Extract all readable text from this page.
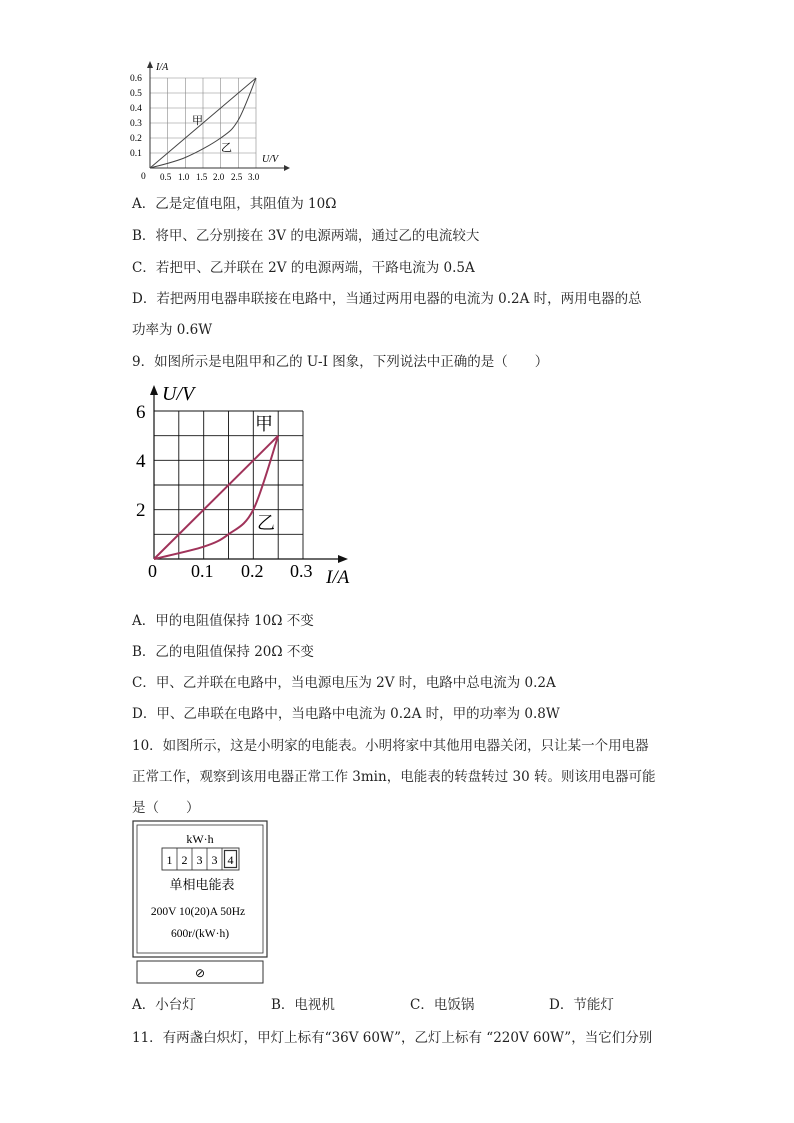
I/A
U/V
0.6
0.5
0.4
0.3
0.2
0.1
0 0.5 1.0 1.5 2.0 2.5 3.0
甲
乙
A．乙是定值电阻，其阻值为 10Ω
B．将甲、乙分别接在 3V 的电源两端，通过乙的电流较大
C．若把甲、乙并联在 2V 的电源两端，干路电流为 0.5A
D．若把两用电器串联接在电路中，当通过两用电器的电流为 0.2A 时，两用电器的总
功率为 0.6W
9．如图所示是电阻甲和乙的 U-I 图象，下列说法中正确的是（　　）
U/V
I/A
6
4
2
0 0.1 0.2 0.3
甲
乙
A．甲的电阻值保持 10Ω 不变
B．乙的电阻值保持 20Ω 不变
C．甲、乙并联在电路中，当电源电压为 2V 时，电路中总电流为 0.2A
D．甲、乙串联在电路中，当电路中电流为 0.2A 时，甲的功率为 0.8W
10．如图所示，这是小明家的电能表。小明将家中其他用电器关闭，只让某一个用电器
正常工作，观察到该用电器正常工作 3min，电能表的转盘转过 30 转。则该用电器可能
是（　　）
kW·h
1 2 3 3 4
单相电能表
200V 10(20)A 50Hz
600r/(kW·h)
⊘
A．小台灯	B．电视机	C．电饭锅	D．节能灯
11．有两盏白炽灯，甲灯上标有“36V 60W”，乙灯上标有 “220V 60W”，当它们分别
